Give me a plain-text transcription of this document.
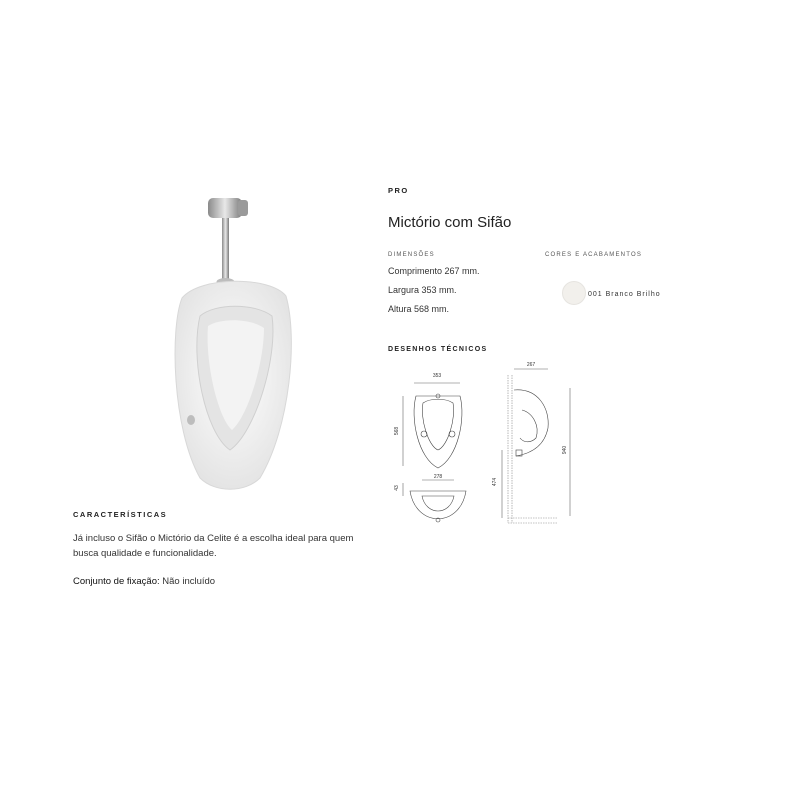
PRO
Mictório com Sifão
DIMENSÕES
Comprimento 267 mm.
Largura 353 mm.
Altura 568 mm.
CORES E ACABAMENTOS
001 Branco Brilho
DESENHOS TÉCNICOS
353
568
278
43
267
940
474
CARACTERÍSTICAS
Já incluso o Sifão o Mictório da Celite é a escolha ideal para quem busca qualidade e funcionalidade.
Conjunto de fixação: Não incluído
